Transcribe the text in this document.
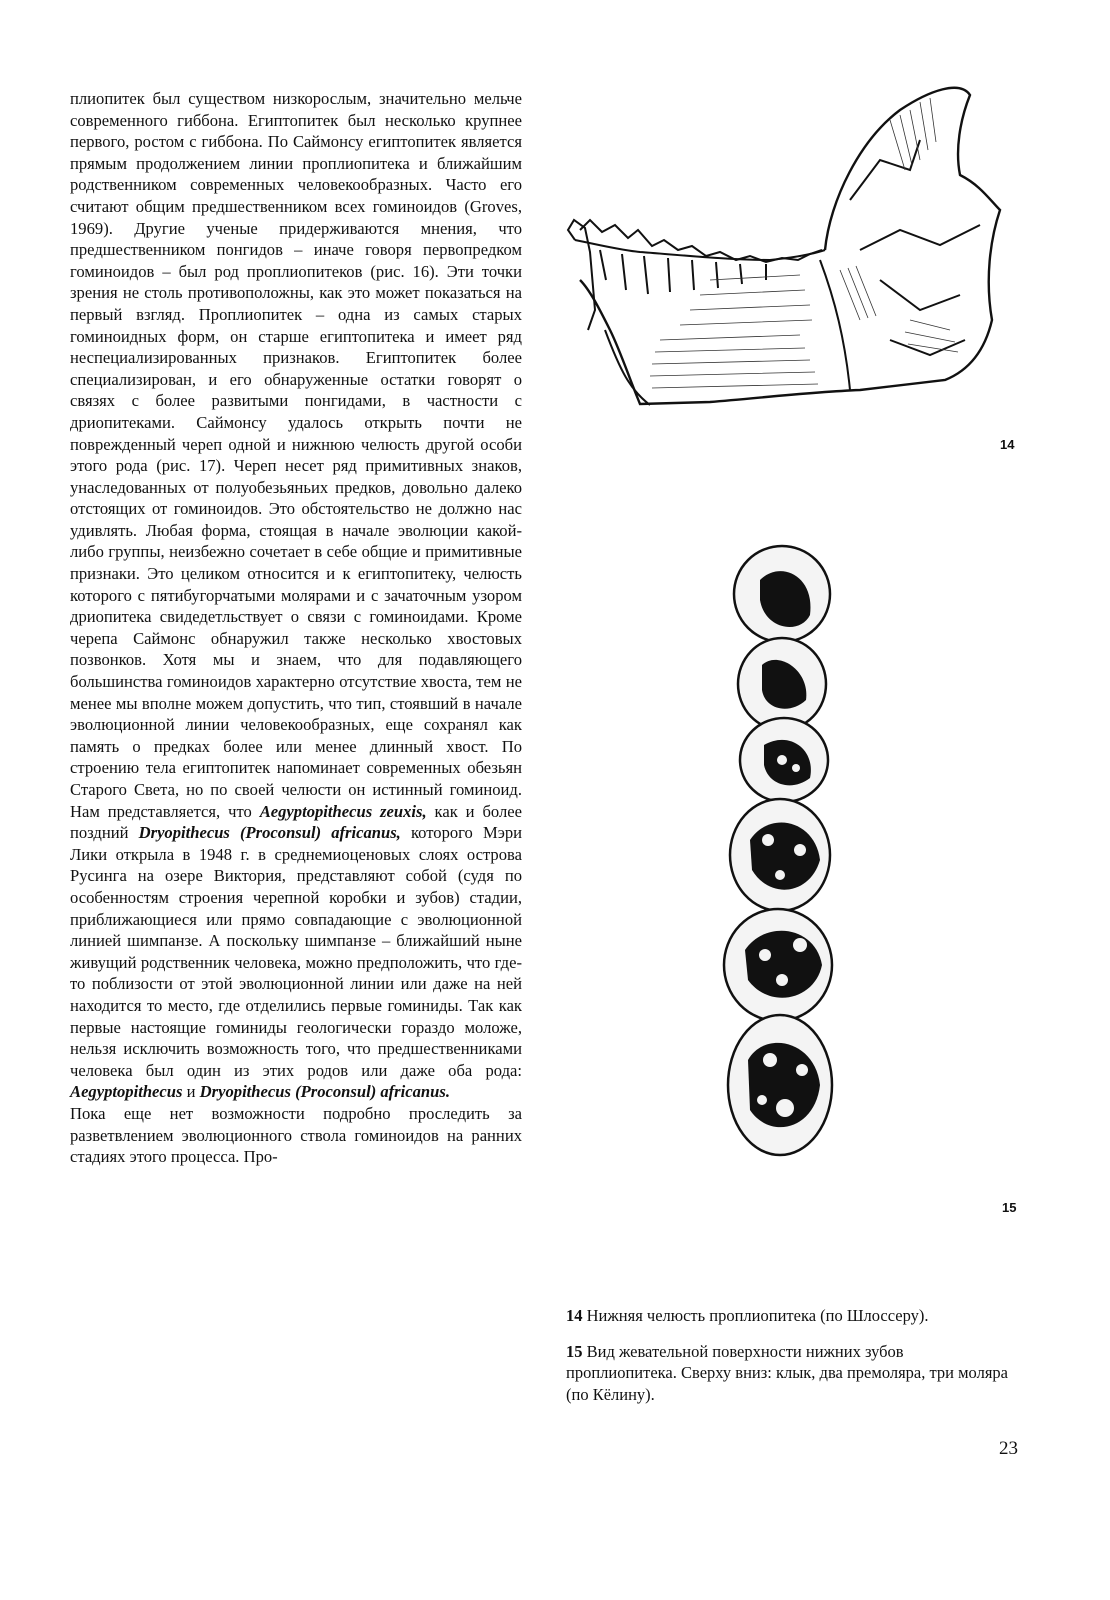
плиопитек был существом низкорослым, значительно мельче современного гиббона. Египтопитек был несколько крупнее первого, ростом с гиббона. По Саймонсу египтопитек является прямым продолжением линии проплиопитека и ближайшим родственником современных человекообразных. Часто его считают общим предшественником всех гоминоидов (Groves, 1969). Другие ученые придерживаются мнения, что предшественником понгидов – иначе говоря первопредком гоминоидов – был род проплиопитеков (рис. 16). Эти точки зрения не столь противоположны, как это может показаться на первый взгляд. Проплиопитек – одна из самых старых гоминоидных форм, он старше египтопитека и имеет ряд неспециализированных признаков. Египтопитек более специализирован, и его обнаруженные остатки говорят о связях с более развитыми понгидами, в частности с дриопитеками. Саймонсу удалось открыть почти не поврежденный череп одной и нижнюю челюсть другой особи этого рода (рис. 17). Череп несет ряд примитивных знаков, унаследованных от полуобезьяньих предков, довольно далеко отстоящих от гоминоидов. Это обстоятельство не должно нас удивлять. Любая форма, стоящая в начале эволюции какой-либо группы, неизбежно сочетает в себе общие и примитивные признаки. Это целиком относится и к египтопитеку, челюсть которого с пятибугорчатыми молярами и с зачаточным узором дриопитека свидедетльствует о связи с гоминоидами. Кроме черепа Саймонс обнаружил также несколько хвостовых позвонков. Хотя мы и знаем, что для подавляющего большинства гоминоидов характерно отсутствие хвоста, тем не менее мы вполне можем допустить, что тип, стоявший в начале эволюционной линии человекообразных, еще сохранял как память о предках более или менее длинный хвост. По строению тела египтопитек напоминает современных обезьян Старого Света, но по своей челюсти он истинный гоминоид. Нам представляется, что Aegyptopithecus zeuxis, как и более поздний Dryopithecus (Proconsul) africanus, которого Мэри Лики открыла в 1948 г. в среднемиоценовых слоях острова Русинга на озере Виктория, представляют собой (судя по особенностям строения черепной коробки и зубов) стадии, приближающиеся или прямо совпадающие с эволюционной линией шимпанзе. А поскольку шимпанзе – ближайший ныне живущий родственник человека, можно предположить, что где-то поблизости от этой эволюционной линии или даже на ней находится то место, где отделились первые гоминиды. Так как первые настоящие гоминиды геологически гораздо моложе, нельзя исключить возможность того, что предшественниками человека был один из этих родов или даже оба рода: Aegyptopithecus и Dryopithecus (Proconsul) africanus.

Пока еще нет возможности подробно проследить за разветвлением эволюционного ствола гоминоидов на ранних стадиях этого процесса. Про-

14
15

14 Нижняя челюсть проплиопитека (по Шлоссеру).

15 Вид жевательной поверхности нижних зубов проплиопитека. Сверху вниз: клык, два премоляра, три моляра (по Кёлину).

23
